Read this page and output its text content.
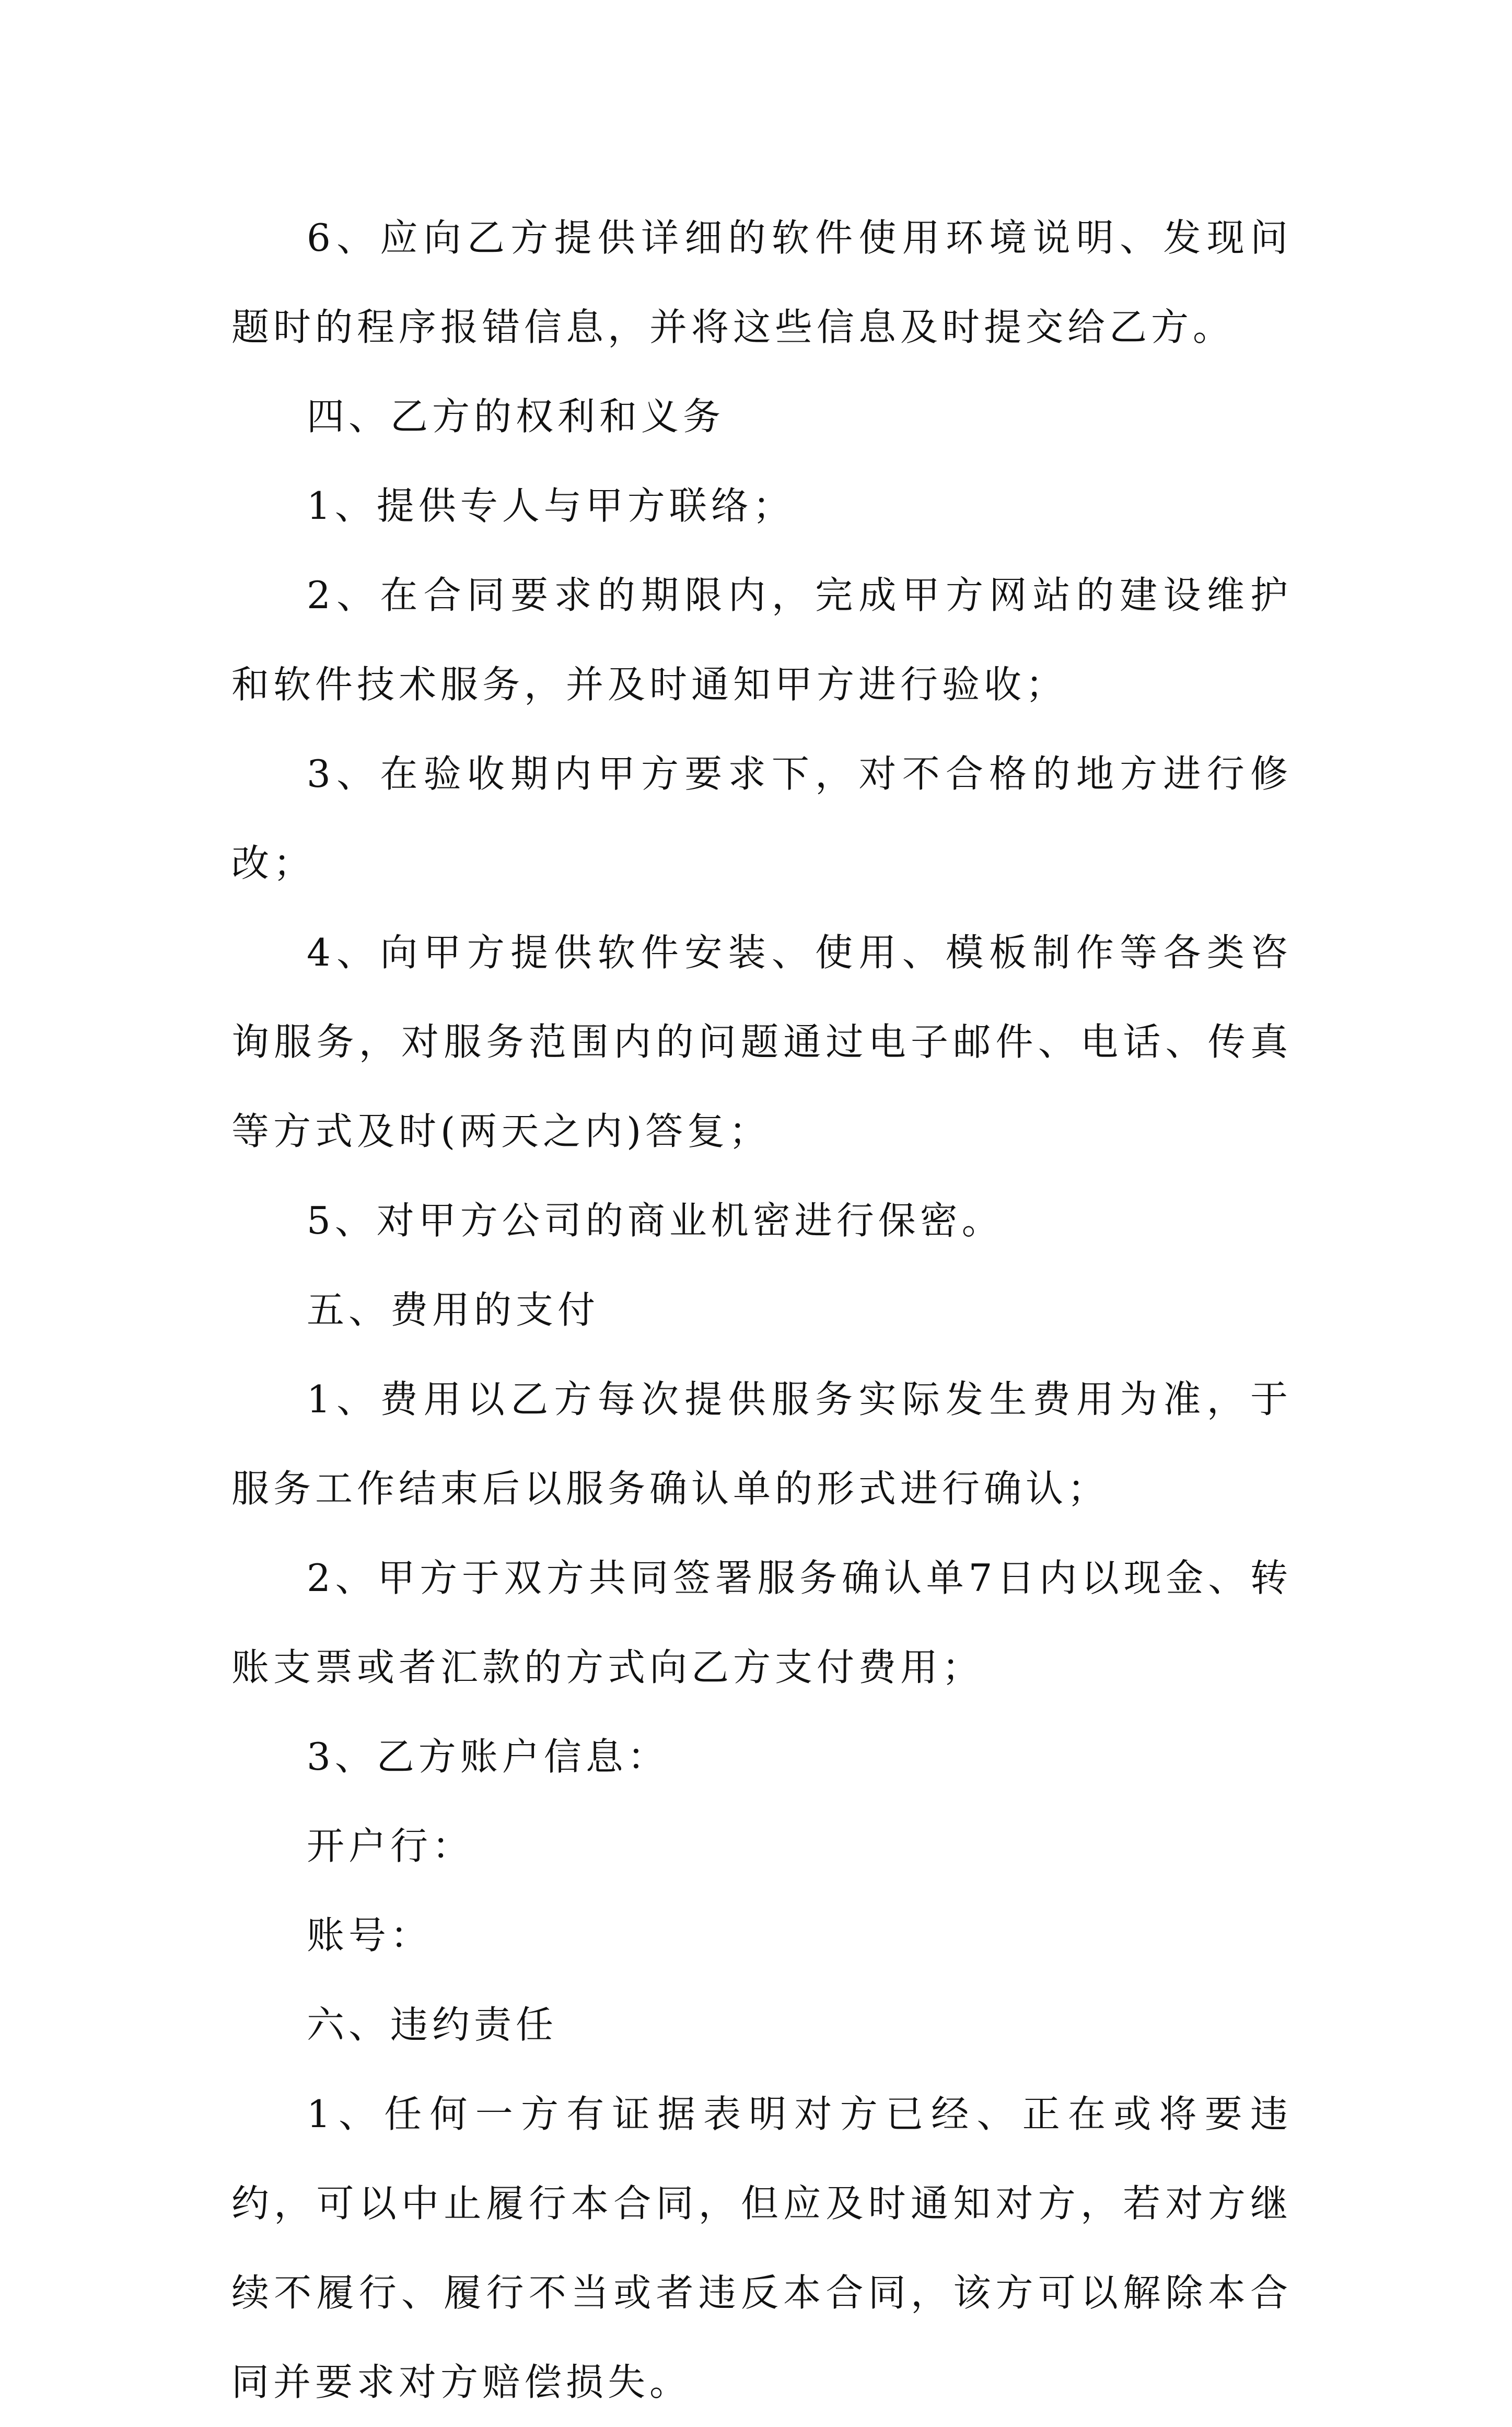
6、应向乙方提供详细的软件使用环境说明、发现问题时的程序报错信息，并将这些信息及时提交给乙方。

四、乙方的权利和义务

1、提供专人与甲方联络；

2、在合同要求的期限内，完成甲方网站的建设维护和软件技术服务，并及时通知甲方进行验收；

3、在验收期内甲方要求下，对不合格的地方进行修改；

4、向甲方提供软件安装、使用、模板制作等各类咨询服务，对服务范围内的问题通过电子邮件、电话、传真等方式及时(两天之内)答复；

5、对甲方公司的商业机密进行保密。

五、费用的支付

1、费用以乙方每次提供服务实际发生费用为准，于服务工作结束后以服务确认单的形式进行确认；

2、甲方于双方共同签署服务确认单7日内以现金、转账支票或者汇款的方式向乙方支付费用；

3、乙方账户信息：

开户行：

账号：

六、违约责任

1、任何一方有证据表明对方已经、正在或将要违约，可以中止履行本合同，但应及时通知对方，若对方继续不履行、履行不当或者违反本合同，该方可以解除本合同并要求对方赔偿损失。
